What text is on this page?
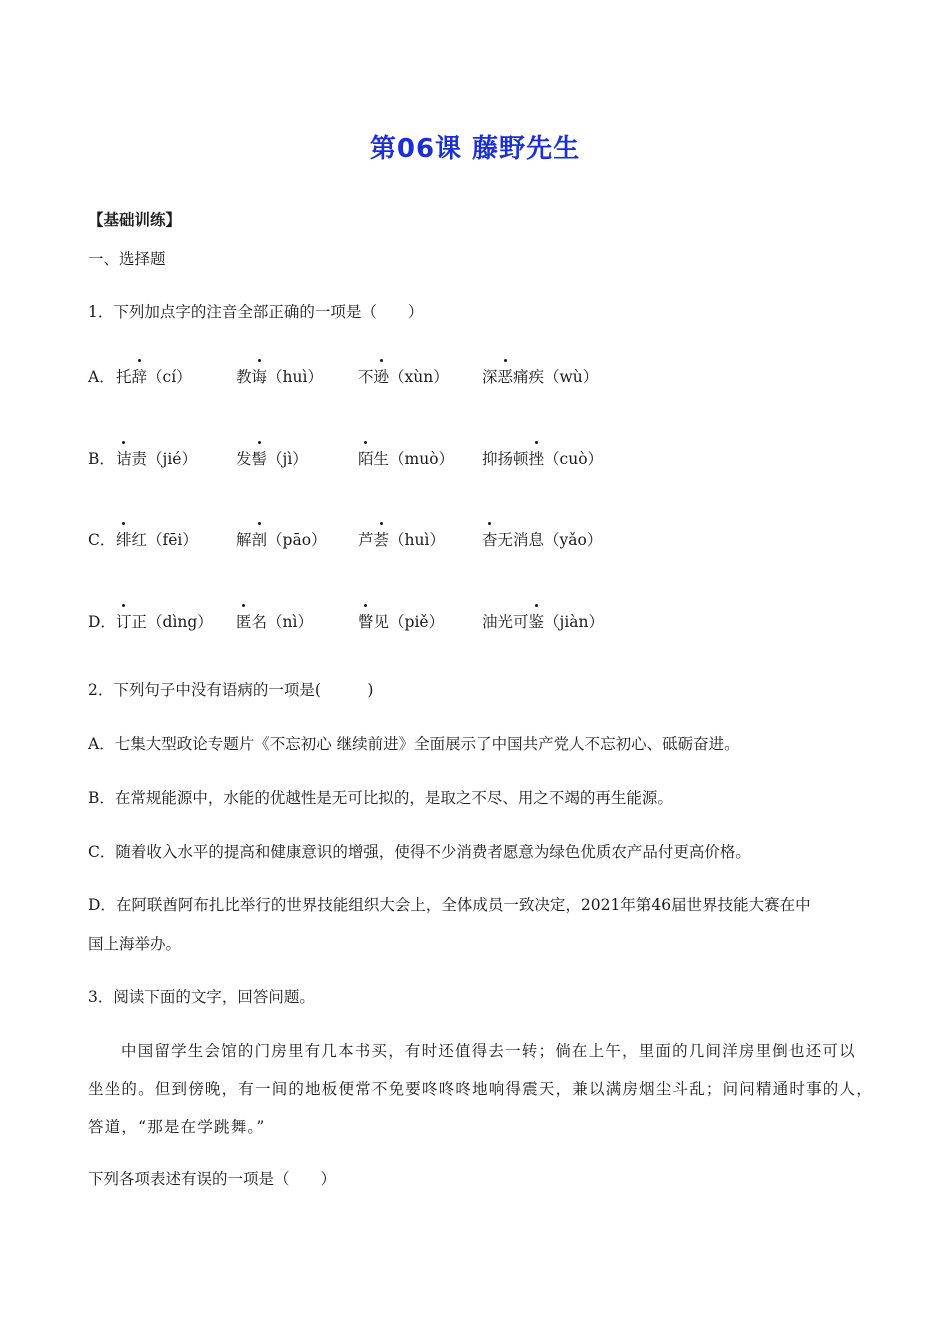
第06课 藤野先生
【基础训练】
一、选择题
1．下列加点字的注音全部正确的一项是（　　）
A． 托辞（cí）	教诲（huì） 不逊（xùn） 深恶痛疾（wù）
B． 诘责（jié）	发髻（jì）	陌生（muò） 抑扬顿挫（cuò）
C． 绯红（fēi） 解剖（pāo） 芦荟（huì） 杳无消息（yǎo）
D． 订正（dìng） 匿名（nì）	瞥见（piě） 油光可鉴（jiàn）
2．下列句子中没有语病的一项是(　　　)
A．七集大型政论专题片《不忘初心 继续前进》全面展示了中国共产党人不忘初心、砥砺奋进。
B．在常规能源中，水能的优越性是无可比拟的，是取之不尽、用之不竭的再生能源。
C．随着收入水平的提高和健康意识的增强，使得不少消费者愿意为绿色优质农产品付更高价格。
D．在阿联酋阿布扎比举行的世界技能组织大会上，全体成员一致决定，2021年第46届世界技能大赛在中
国上海举办。
3．阅读下面的文字，回答问题。
中国留学生会馆的门房里有几本书买，有时还值得去一转；倘在上午，里面的几间洋房里倒也还可以
坐坐的。但到傍晚，有一间的地板便常不免要咚咚咚地响得震天，兼以满房烟尘斗乱；问问精通时事的人，
答道，“那是在学跳舞。”
下列各项表述有误的一项是（　　）
